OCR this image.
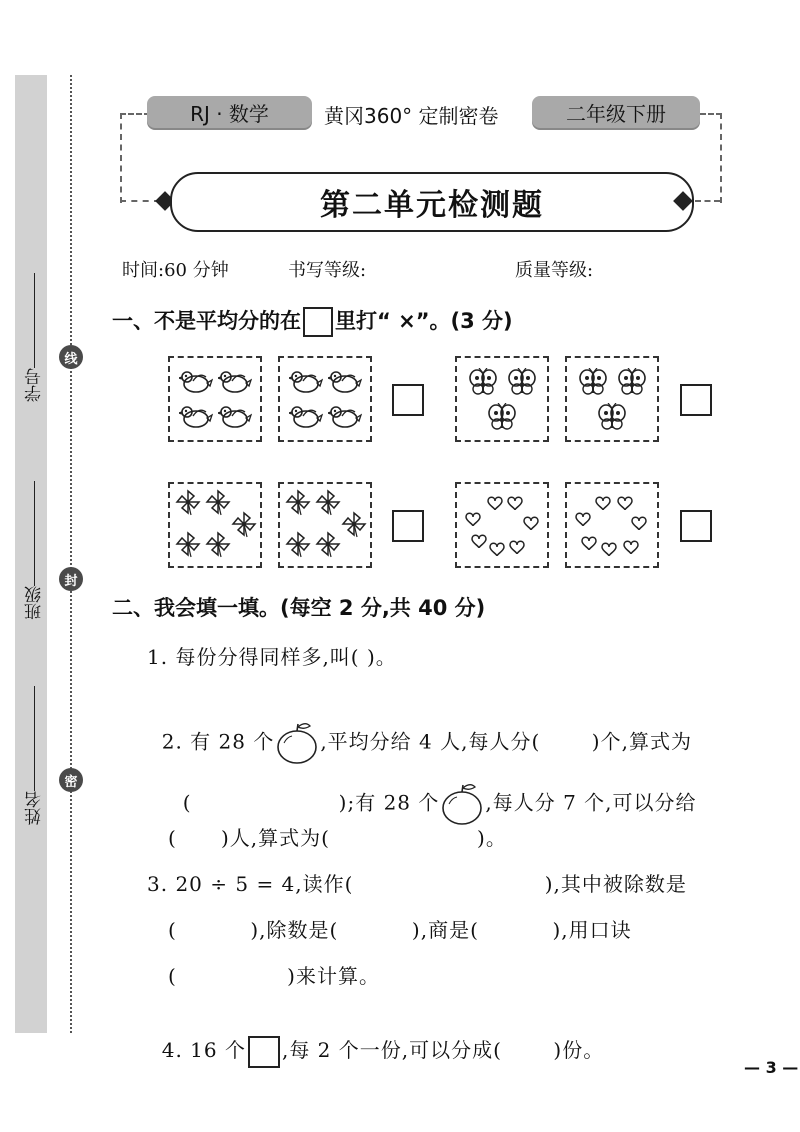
学号
班级
姓名
线
封
密
RJ · 数学	黄冈360° 定制密卷	二年级下册
第二单元检测题
时间:60 分钟	书写等级:	质量等级:
一、不是平均分的在 里打“ ×”。(3 分)
二、我会填一填。(每空 2 分,共 40 分)
1. 每份分得同样多,叫( )。

2. 有 28 个 ,平均分给 4 人,每人分(       )个,算式为

(                    );有 28 个 ,每人分 7 个,可以分给

(      )人,算式为(                    )。
3. 20 ÷ 5 = 4,读作(                          ),其中被除数是
(          ),除数是(          ),商是(          ),用口诀
(               )来计算。

4. 16 个 ,每 2 个一份,可以分成(       )份。

— 3 —
